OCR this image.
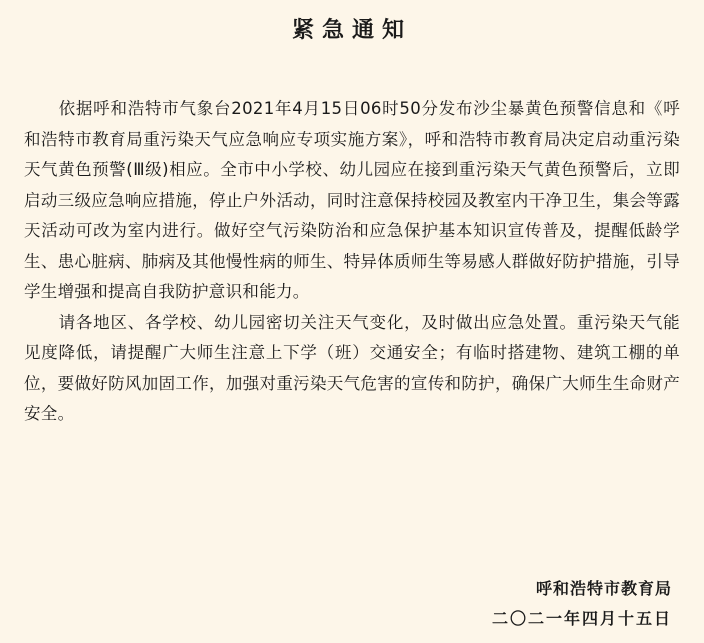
紧急通知

依据呼和浩特市气象台2021年4月15日06时50分发布沙尘暴黄色预警信息和《呼和浩特市教育局重污染天气应急响应专项实施方案》，呼和浩特市教育局决定启动重污染天气黄色预警(Ⅲ级)相应。全市中小学校、幼儿园应在接到重污染天气黄色预警后，立即启动三级应急响应措施，停止户外活动，同时注意保持校园及教室内干净卫生，集会等露天活动可改为室内进行。做好空气污染防治和应急保护基本知识宣传普及，提醒低龄学生、患心脏病、肺病及其他慢性病的师生、特异体质师生等易感人群做好防护措施，引导学生增强和提高自我防护意识和能力。

请各地区、各学校、幼儿园密切关注天气变化，及时做出应急处置。重污染天气能见度降低，请提醒广大师生注意上下学（班）交通安全；有临时搭建物、建筑工棚的单位，要做好防风加固工作，加强对重污染天气危害的宣传和防护，确保广大师生生命财产安全。

呼和浩特市教育局
二〇二一年四月十五日
